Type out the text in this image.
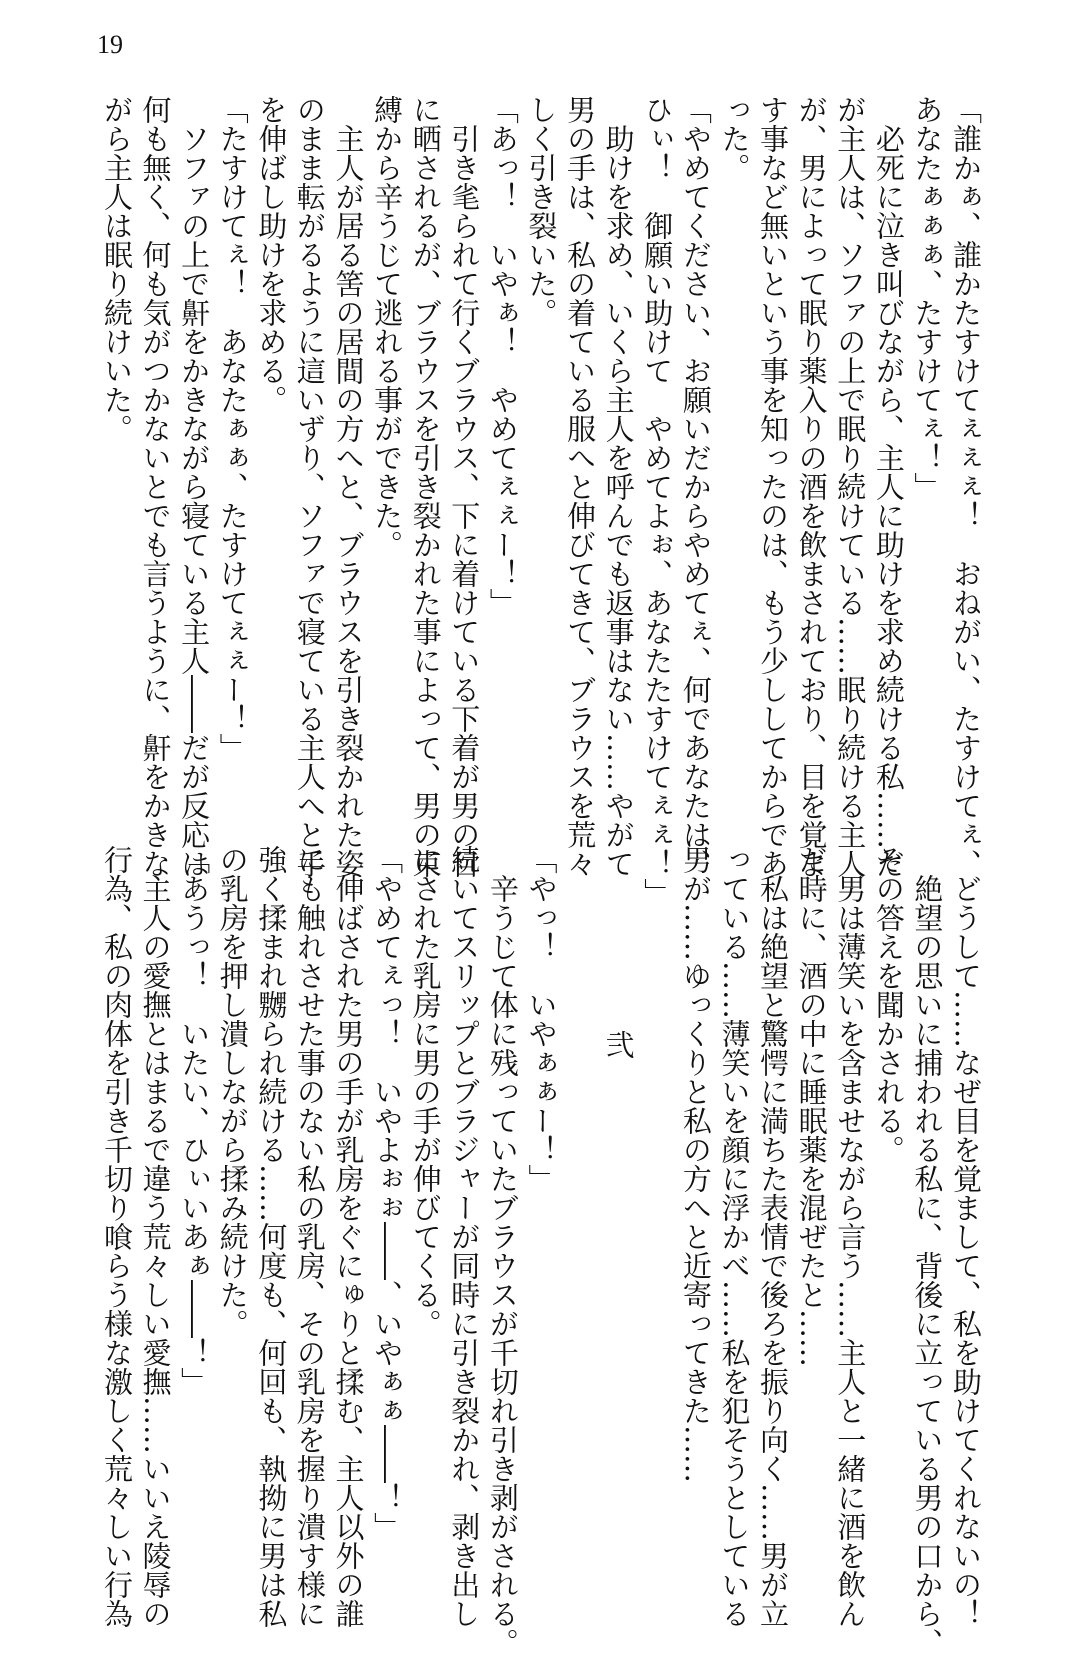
19
「誰かぁ、誰かたすけてぇぇぇ！　おねがい、たすけてぇ、
あなたぁぁぁ、たすけてぇ！」
　必死に泣き叫びながら、主人に助けを求め続ける私……だ
が主人は、ソファの上で眠り続けている……眠り続ける主人
が、男によって眠り薬入りの酒を飲まされており、目を覚ま
す事など無いという事を知ったのは、もう少ししてからであ
った。
「やめてください、お願いだからやめてぇ、何であなたは、
ひぃ！　御願い助けて　やめてよぉ、あなたたすけてぇぇ！」
　助けを求め、いくら主人を呼んでも返事はない……やがて
男の手は、私の着ている服へと伸びてきて、ブラウスを荒々
しく引き裂いた。
「あっ！　いやぁ！　やめてぇぇー！」
　引き毟られて行くブラウス、下に着けている下着が男の目
に晒されるが、ブラウスを引き裂かれた事によって、男の束
縛から辛うじて逃れる事ができた。
　主人が居る筈の居間の方へと、ブラウスを引き裂かれた姿
のまま転がるように這いずり、ソファで寝ている主人へと手
を伸ばし助けを求める。
「たすけてぇ！　あなたぁぁ、たすけてぇぇー！」
　ソファの上で鼾をかきながら寝ている主人――だが反応は
何も無く、何も気がつかないとでも言うように、鼾をかきな
がら主人は眠り続けいた。
　どうして……なぜ目を覚まして、私を助けてくれないの！
　絶望の思いに捕われる私に、背後に立っている男の口から、
その答えを聞かされる。
　男は薄笑いを含ませながら言う……主人と一緒に酒を飲ん
だ時に、酒の中に睡眠薬を混ぜたと……
　私は絶望と驚愕に満ちた表情で後ろを振り向く……男が立
っている……薄笑いを顔に浮かべ……私を犯そうとしている
男が……ゆっくりと私の方へと近寄ってきた……
弐
「やっ！　いやぁぁー！」
　辛うじて体に残っていたブラウスが千切れ引き剥がされる。
続いてスリップとブラジャーが同時に引き裂かれ、剥き出し
にされた乳房に男の手が伸びてくる。
「やめてぇっ！　いやよぉぉ――、いやぁぁ――！」
　伸ばされた男の手が乳房をぐにゅりと揉む、主人以外の誰
にも触れさせた事のない私の乳房、その乳房を握り潰す様に
強く揉まれ嬲られ続ける……何度も、何回も、執拗に男は私
の乳房を押し潰しながら揉み続けた。
「あうっ！　いたい、ひぃいあぁ――！」
　主人の愛撫とはまるで違う荒々しい愛撫……いいえ陵辱の
行為、私の肉体を引き千切り喰らう様な激しく荒々しい行為
